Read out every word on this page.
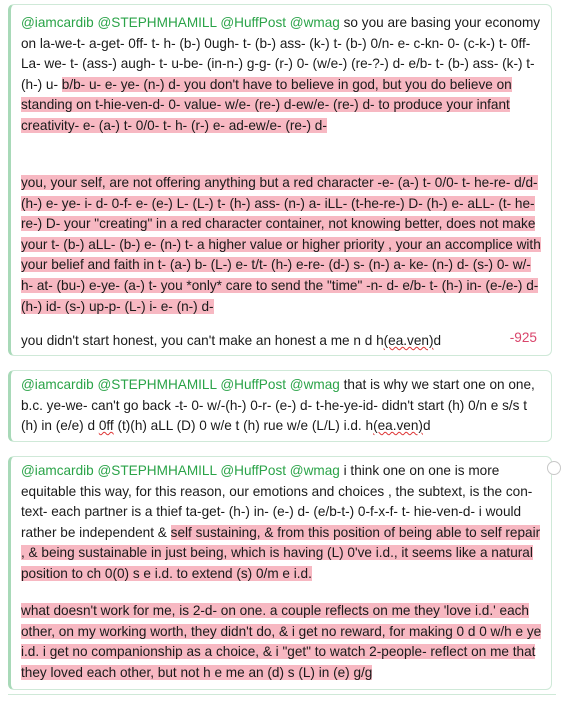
@iamcardib @STEPHMHAMILL @HuffPost @wmag so you are basing your economy on la-we-t- a-get- 0ff- t- h- (b-) 0ugh- t- (b-) ass- (k-) t- (b-) 0/n- e- c-kn- 0- (c-k-) t- 0ff- La- we- t- (ass-) augh- t- u-be- (in-n-) g-g- (r-) 0- (w/e-) (re-?-) d- e/b- t- (b-) ass- (k-) t- (h-) u- b/b- u- e- ye- (n-) d- you don't have to believe in god, but you do believe on standing on t-hie-ven-d- 0- value- w/e- (re-) d-ew/e- (re-) d- to produce your infant creativity- e- (a-) t- 0/0- t- h- (r-) e- ad-ew/e- (re-) d-

you, your self, are not offering anything but a red character -e- (a-) t- 0/0- t- he-re- d/d- (h-) e- ye- i- d- 0-f- e- (e-) L- (L-) t- (h-) ass- (n-) a- iLL- (t-he-re-) D- (h-) e- aLL- (t- he-re-) D- your "creating" in a red character container, not knowing better, does not make your t- (b-) aLL- (b-) e- (n-) t- a higher value or higher priority , your an accomplice with your belief and faith in t- (a-) b- (L-) e- t/t- (h-) e-re- (d-) s- (n-) a- ke- (n-) d- (s-) 0- w/- h- at- (bu-) e-ye- (a-) t- you *only* care to send the "time" -n- d- e/b- t- (h-) in- (e-/e-) d- (h-) id- (s-) up-p- (L-) i- e- (n-) d-

you didn't start honest, you can't make an honest a me n d h(ea.ven)d	-925

@iamcardib @STEPHMHAMILL @HuffPost @wmag that is why we start one on one, b.c. ye-we- can't go back -t- 0- w/-(h-) 0-r- (e-) d- t-he-ye-id- didn't start (h) 0/n e s/s t (h) in (e/e) d 0ff (t)(h) aLL (D) 0 w/e t (h) rue w/e (L/L) i.d. h(ea.ven)d

@iamcardib @STEPHMHAMILL @HuffPost @wmag i think one on one is more equitable this way, for this reason, our emotions and choices , the subtext, is the con-text- each partner is a thief ta-get- (h-) in- (e-) d- (e/b-t-) 0-f-x-f- t- hie-ven-d- i would rather be independent & self sustaining, & from this position of being able to self repair , & being sustainable in just being, which is having (L) 0've i.d., it seems like a natural position to ch 0(0) s e i.d. to extend (s) 0/m e i.d.

what doesn't work for me, is 2-d- on one. a couple reflects on me they 'love i.d.' each other, on my working worth, they didn't do, & i get no reward, for making 0 d 0 w/h e ye i.d. i get no companionship as a choice, & i "get" to watch 2-people- reflect on me that they loved each other, but not h e me an (d) s (L) in (e) g/g
